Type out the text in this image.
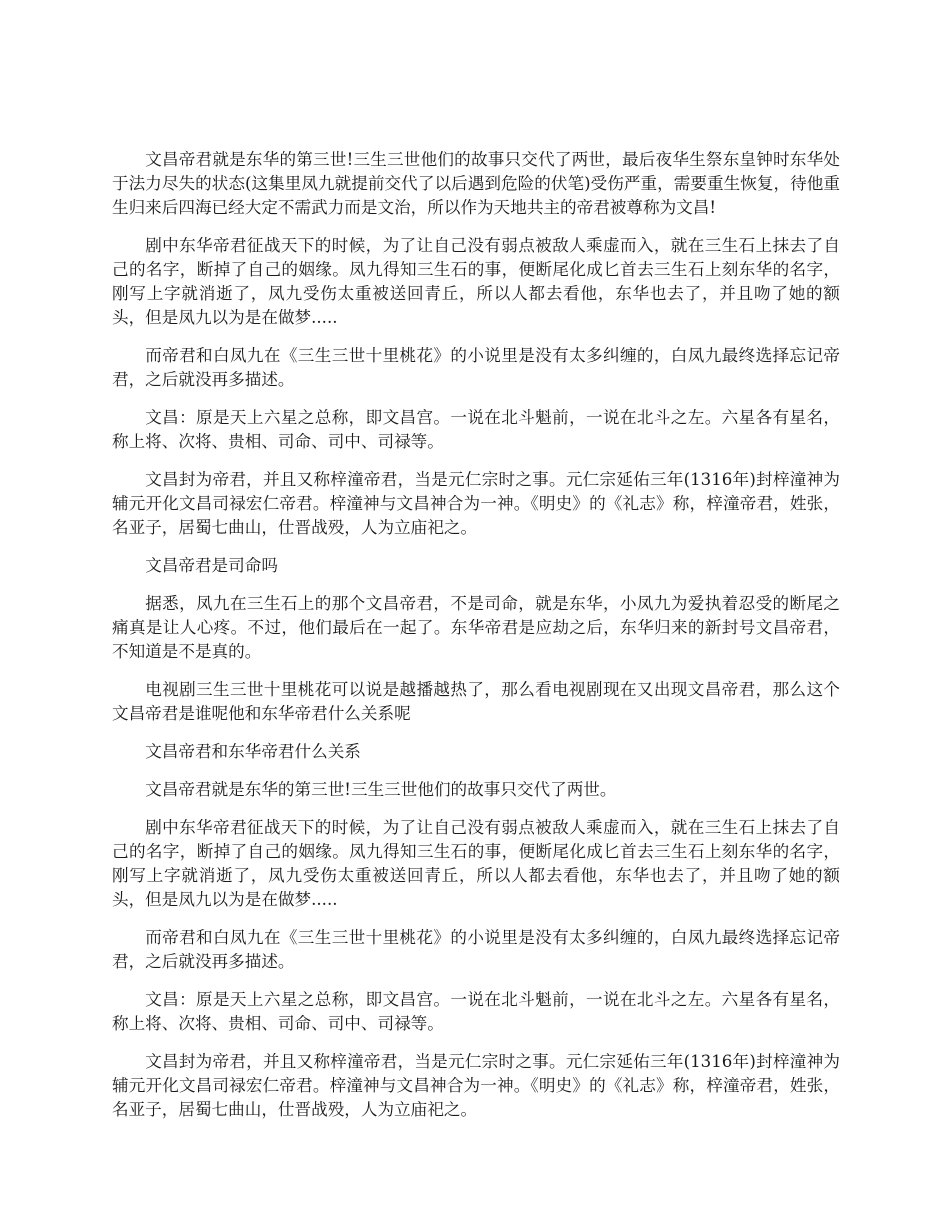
文昌帝君就是东华的第三世!三生三世他们的故事只交代了两世，最后夜华生祭东皇钟时东华处于法力尽失的状态(这集里凤九就提前交代了以后遇到危险的伏笔)受伤严重，需要重生恢复，待他重生归来后四海已经大定不需武力而是文治，所以作为天地共主的帝君被尊称为文昌!

剧中东华帝君征战天下的时候，为了让自己没有弱点被敌人乘虚而入，就在三生石上抹去了自己的名字，断掉了自己的姻缘。凤九得知三生石的事，便断尾化成匕首去三生石上刻东华的名字，刚写上字就消逝了，凤九受伤太重被送回青丘，所以人都去看他，东华也去了，并且吻了她的额头，但是凤九以为是在做梦.....

而帝君和白凤九在《三生三世十里桃花》的小说里是没有太多纠缠的，白凤九最终选择忘记帝君，之后就没再多描述。

文昌：原是天上六星之总称，即文昌宫。一说在北斗魁前，一说在北斗之左。六星各有星名，称上将、次将、贵相、司命、司中、司禄等。

文昌封为帝君，并且又称梓潼帝君，当是元仁宗时之事。元仁宗延佑三年(1316年)封梓潼神为辅元开化文昌司禄宏仁帝君。梓潼神与文昌神合为一神。《明史》的《礼志》称，梓潼帝君，姓张，名亚子，居蜀七曲山，仕晋战殁，人为立庙祀之。

文昌帝君是司命吗

据悉，凤九在三生石上的那个文昌帝君，不是司命，就是东华，小凤九为爱执着忍受的断尾之痛真是让人心疼。不过，他们最后在一起了。东华帝君是应劫之后，东华归来的新封号文昌帝君，不知道是不是真的。

电视剧三生三世十里桃花可以说是越播越热了，那么看电视剧现在又出现文昌帝君，那么这个文昌帝君是谁呢他和东华帝君什么关系呢

文昌帝君和东华帝君什么关系

文昌帝君就是东华的第三世!三生三世他们的故事只交代了两世。

剧中东华帝君征战天下的时候，为了让自己没有弱点被敌人乘虚而入，就在三生石上抹去了自己的名字，断掉了自己的姻缘。凤九得知三生石的事，便断尾化成匕首去三生石上刻东华的名字，刚写上字就消逝了，凤九受伤太重被送回青丘，所以人都去看他，东华也去了，并且吻了她的额头，但是凤九以为是在做梦.....

而帝君和白凤九在《三生三世十里桃花》的小说里是没有太多纠缠的，白凤九最终选择忘记帝君，之后就没再多描述。

文昌：原是天上六星之总称，即文昌宫。一说在北斗魁前，一说在北斗之左。六星各有星名，称上将、次将、贵相、司命、司中、司禄等。

文昌封为帝君，并且又称梓潼帝君，当是元仁宗时之事。元仁宗延佑三年(1316年)封梓潼神为辅元开化文昌司禄宏仁帝君。梓潼神与文昌神合为一神。《明史》的《礼志》称，梓潼帝君，姓张，名亚子，居蜀七曲山，仕晋战殁，人为立庙祀之。
